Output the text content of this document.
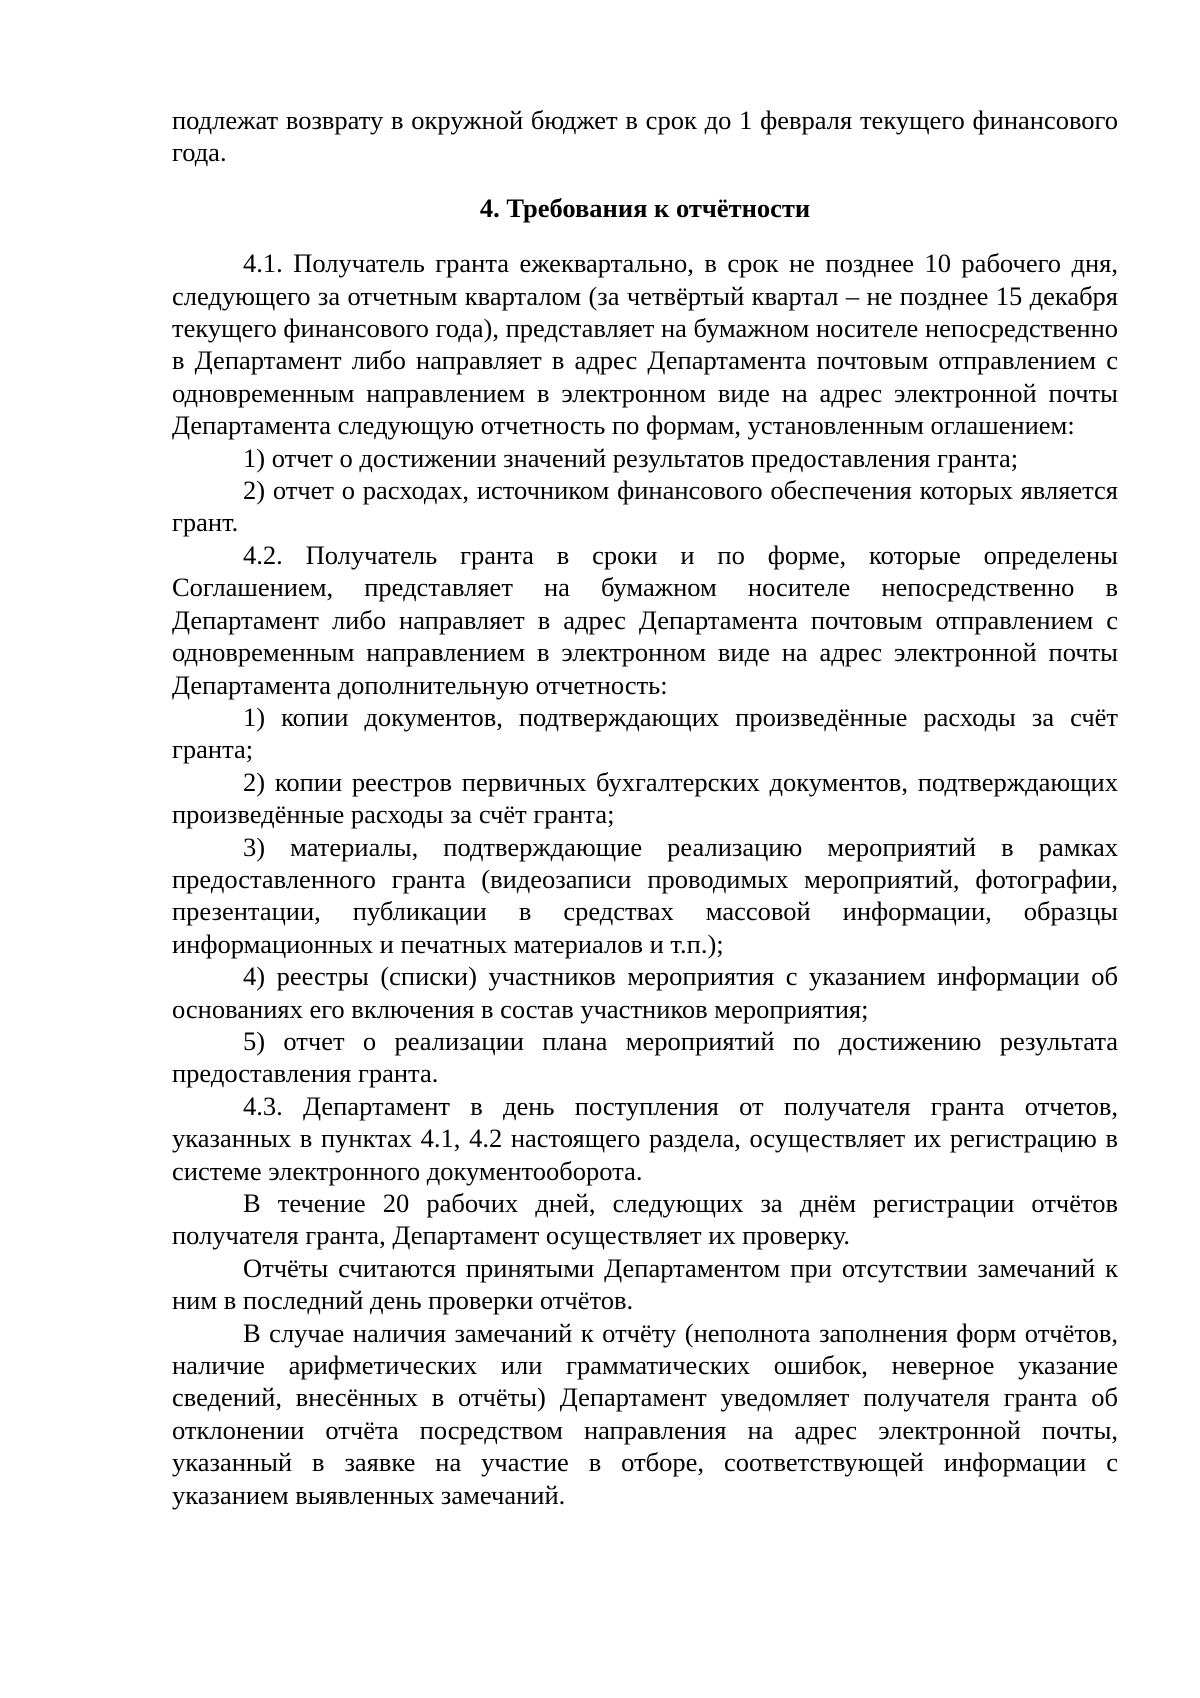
подлежат возврату в окружной бюджет в срок до 1 февраля текущего финансового года.

4. Требования к отчётности

4.1. Получатель гранта ежеквартально, в срок не позднее 10 рабочего дня, следующего за отчетным кварталом (за четвёртый квартал – не позднее 15 декабря текущего финансового года), представляет на бумажном носителе непосредственно в Департамент либо направляет в адрес Департамента почтовым отправлением с одновременным направлением в электронном виде на адрес электронной почты Департамента следующую отчетность по формам, установленным оглашением:

1) отчет о достижении значений результатов предоставления гранта;

2) отчет о расходах, источником финансового обеспечения которых является грант.

4.2. Получатель гранта в сроки и по форме, которые определены Соглашением, представляет на бумажном носителе непосредственно в Департамент либо направляет в адрес Департамента почтовым отправлением с одновременным направлением в электронном виде на адрес электронной почты Департамента дополнительную отчетность:

1) копии документов, подтверждающих произведённые расходы за счёт гранта;

2) копии реестров первичных бухгалтерских документов, подтверждающих произведённые расходы за счёт гранта;

3) материалы, подтверждающие реализацию мероприятий в рамках предоставленного гранта (видеозаписи проводимых мероприятий, фотографии, презентации, публикации в средствах массовой информации, образцы информационных и печатных материалов и т.п.);

4) реестры (списки) участников мероприятия с указанием информации об основаниях его включения в состав участников мероприятия;

5) отчет о реализации плана мероприятий по достижению результата предоставления гранта.

4.3. Департамент в день поступления от получателя гранта отчетов, указанных в пунктах 4.1, 4.2 настоящего раздела, осуществляет их регистрацию в системе электронного документооборота.

В течение 20 рабочих дней, следующих за днём регистрации отчётов получателя гранта, Департамент осуществляет их проверку.

Отчёты считаются принятыми Департаментом при отсутствии замечаний к ним в последний день проверки отчётов.

В случае наличия замечаний к отчёту (неполнота заполнения форм отчётов, наличие арифметических или грамматических ошибок, неверное указание сведений, внесённых в отчёты) Департамент уведомляет получателя гранта об отклонении отчёта посредством направления на адрес электронной почты, указанный в заявке на участие в отборе, соответствующей информации с указанием выявленных замечаний.
